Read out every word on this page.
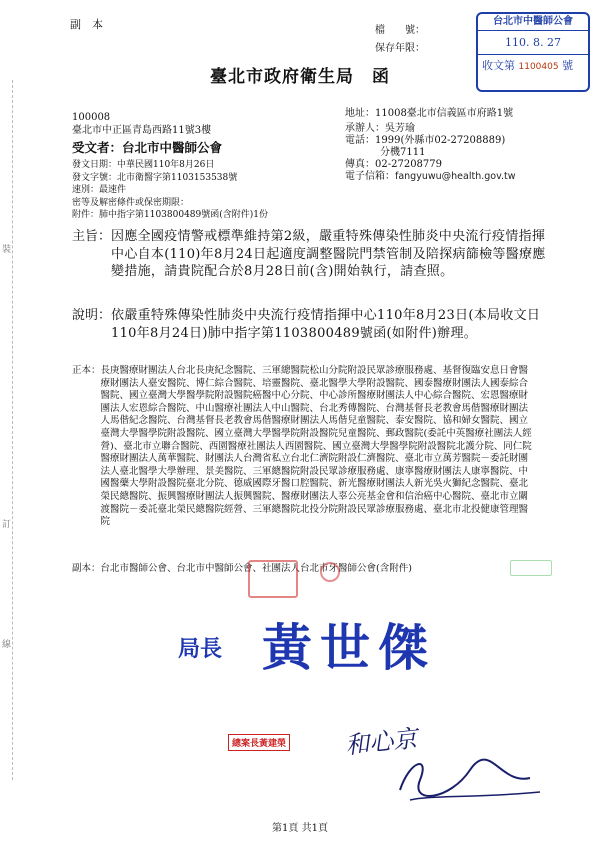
副　本	檔　　號：
保存年限：
台北市中醫師公會
110. 8. 27
收文第 1100405 號
臺北市政府衛生局　函
地址：11008臺北市信義區市府路1號
承辦人：吳芳瑜
電話：1999(外縣市02-27208889)
分機7111
傳真：02-27208779
電子信箱： fangyuwu@health.gov.tw
100008
臺北市中正區青島西路11號3樓
受文者：台北市中醫師公會
發文日期：中華民國110年8月26日
發文字號：北市衛醫字第1103153538號
速別：最速件
密等及解密條件或保密期限：
附件：肺中指字第1103800489號函(含附件)1份
裝
訂
線
主旨： 因應全國疫情警戒標準維持第2級，嚴重特殊傳染性肺炎中央流行疫情指揮中心自本(110)年8月24日起適度調整醫院門禁管制及陪探病篩檢等醫療應變措施，請貴院配合於8月28日前(含)開始執行，請查照。
說明： 依嚴重特殊傳染性肺炎中央流行疫情指揮中心110年8月23日(本局收文日110年8月24日)肺中指字第1103800489號函(如附件)辦理。
正本： 長庚醫療財團法人台北長庚紀念醫院、三軍總醫院松山分院附設民眾診療服務處、基督復臨安息日會醫療財團法人臺安醫院、博仁綜合醫院、培靈醫院、臺北醫學大學附設醫院、國泰醫療財團法人國泰綜合醫院、國立臺灣大學醫學院附設醫院癌醫中心分院、中心診所醫療財團法人中心綜合醫院、宏恩醫療財團法人宏恩綜合醫院、中山醫療社團法人中山醫院、台北秀傳醫院、台灣基督長老教會馬偕醫療財團法人馬偕紀念醫院、台灣基督長老教會馬偕醫療財團法人馬偕兒童醫院、泰安醫院、協和婦女醫院、國立臺灣大學醫學院附設醫院、國立臺灣大學醫學院附設醫院兒童醫院、郵政醫院(委託中英醫療社團法人經營)、臺北市立聯合醫院、西園醫療社團法人西園醫院、國立臺灣大學醫學院附設醫院北護分院、同仁院醫療財團法人萬華醫院、財團法人台灣省私立台北仁濟院附設仁濟醫院、臺北市立萬芳醫院－委託財團法人臺北醫學大學辦理、景美醫院、三軍總醫院附設民眾診療服務處、康寧醫療財團法人康寧醫院、中國醫藥大學附設醫院臺北分院、德威國際牙醫口腔醫院、新光醫療財團法人新光吳火獅紀念醫院、臺北榮民總醫院、振興醫療財團法人振興醫院、醫療財團法人辜公亮基金會和信治癌中心醫院、臺北市立關渡醫院－委託臺北榮民總醫院經營、三軍總醫院北投分院附設民眾診療服務處、臺北市北投健康管理醫院
副本： 台北市醫師公會、台北市中醫師公會、社團法人台北市牙醫師公會(含附件)
局長 黃世傑
總案長黃建榮 和心京
第1頁 共1頁
